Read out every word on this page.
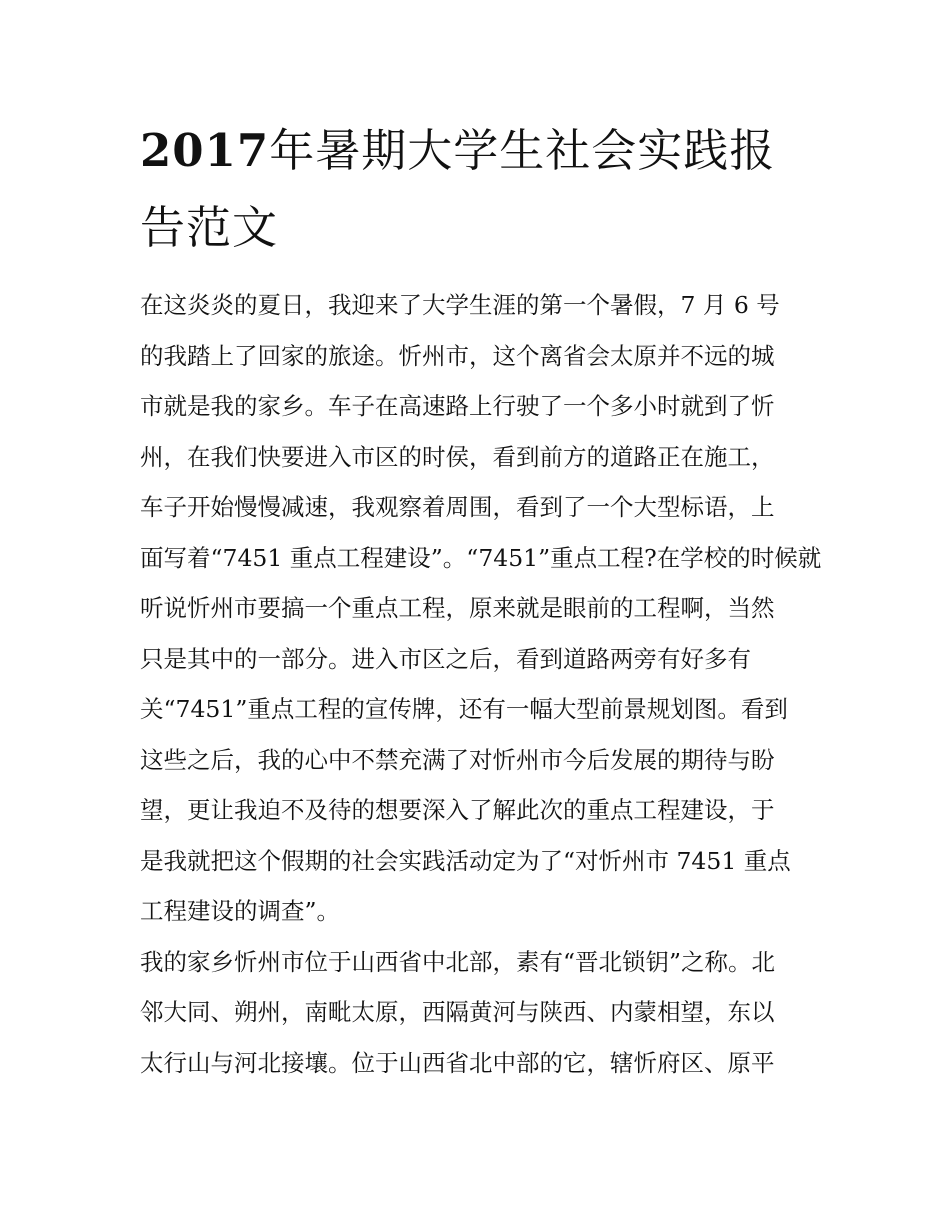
2017年暑期大学生社会实践报
告范文
在这炎炎的夏日，我迎来了大学生涯的第一个暑假，7 月 6 号
的我踏上了回家的旅途。忻州市，这个离省会太原并不远的城
市就是我的家乡。车子在高速路上行驶了一个多小时就到了忻
州，在我们快要进入市区的时侯，看到前方的道路正在施工，
车子开始慢慢减速，我观察着周围，看到了一个大型标语，上
面写着“7451 重点工程建设”。“7451”重点工程?在学校的时候就
听说忻州市要搞一个重点工程，原来就是眼前的工程啊，当然
只是其中的一部分。进入市区之后，看到道路两旁有好多有
关“7451”重点工程的宣传牌，还有一幅大型前景规划图。看到
这些之后，我的心中不禁充满了对忻州市今后发展的期待与盼
望，更让我迫不及待的想要深入了解此次的重点工程建设，于
是我就把这个假期的社会实践活动定为了“对忻州市 7451 重点
工程建设的调查”。
我的家乡忻州市位于山西省中北部，素有“晋北锁钥”之称。北
邻大同、朔州，南毗太原，西隔黄河与陕西、内蒙相望，东以
太行山与河北接壤。位于山西省北中部的它，辖忻府区、原平
